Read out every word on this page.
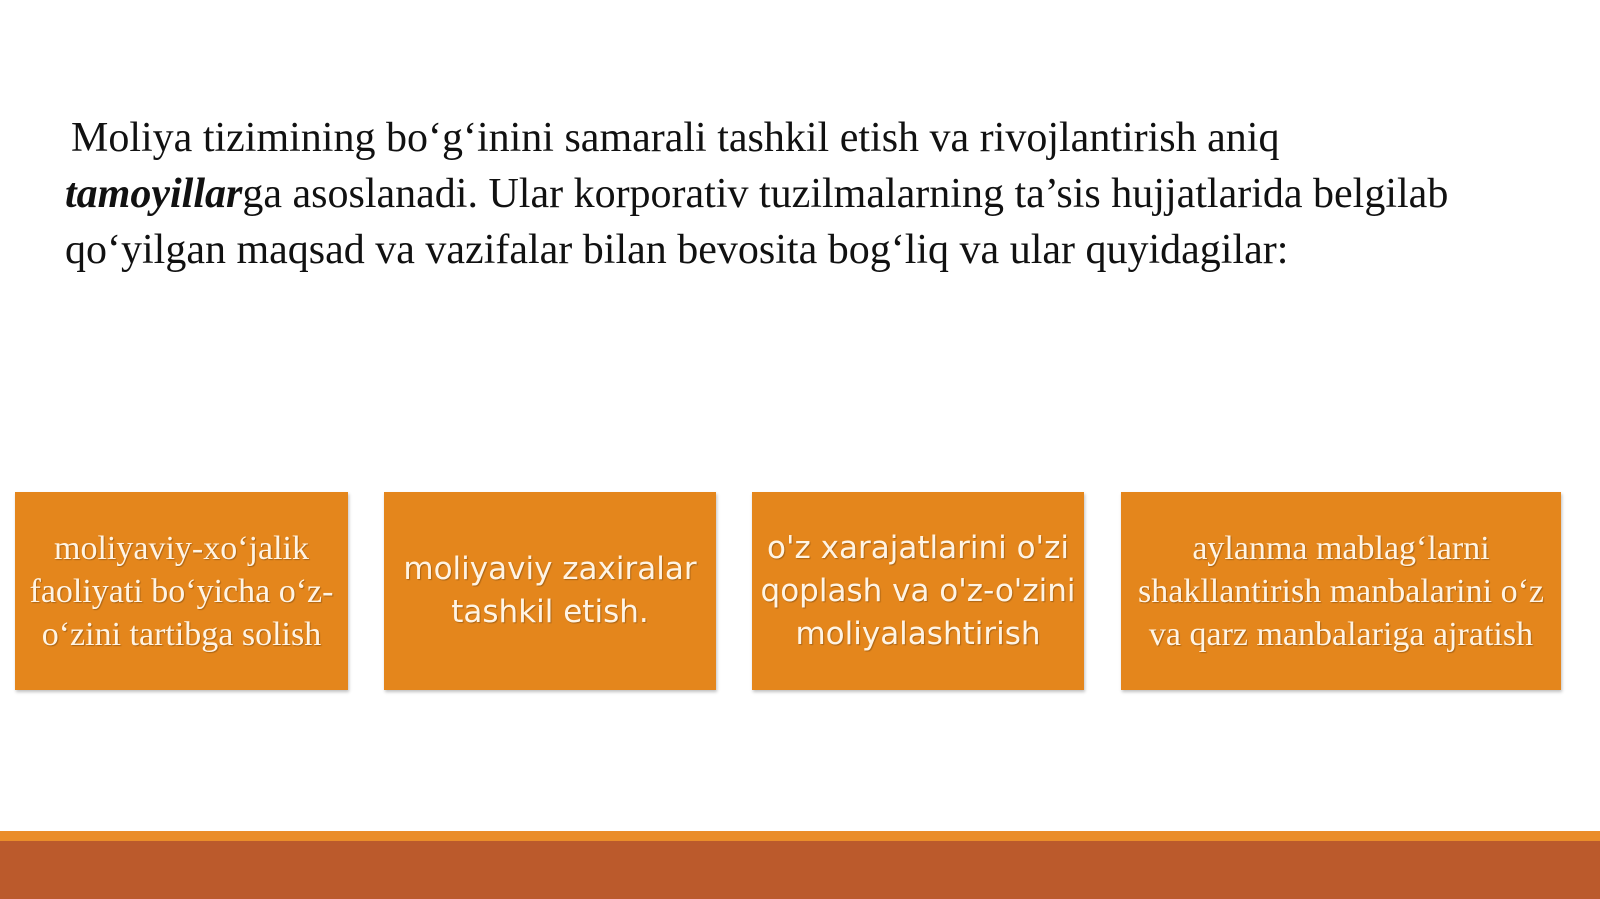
Moliya tizimining bo‘g‘inini samarali tashkil etish va rivojlantirish aniq
tamoyillarga asoslanadi. Ular korporativ tuzilmalarning ta’sis hujjatlarida belgilab qo‘yilgan maqsad va vazifalar bilan bevosita bog‘liq va ular quyidagilar:

moliyaviy-xo‘jalik faoliyati bo‘yicha o‘z-o‘zini tartibga solish
moliyaviy zaxiralar tashkil etish.
o'z xarajatlarini o'zi qoplash va o'z-o'zini moliyalashtirish
aylanma mablag‘larni shakllantirish manbalarini o‘z va qarz manbalariga ajratish
